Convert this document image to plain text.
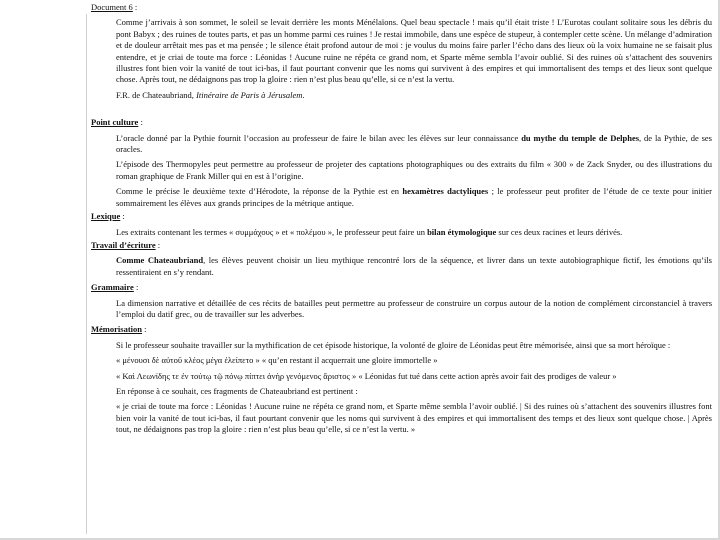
Document 6 :

Comme j’arrivais à son sommet, le soleil se levait derrière les monts Ménélaïons. Quel beau spectacle ! mais qu’il était triste ! L’Eurotas coulant solitaire sous les débris du pont Babyx ; des ruines de toutes parts, et pas un homme parmi ces ruines ! Je restai immobile, dans une espèce de stupeur, à contempler cette scène. Un mélange d’admiration et de douleur arrêtait mes pas et ma pensée ; le silence était profond autour de moi : je voulus du moins faire parler l’écho dans des lieux où la voix humaine ne se faisait plus entendre, et je criai de toute ma force : Léonidas ! Aucune ruine ne répéta ce grand nom, et Sparte même sembla l’avoir oublié. Si des ruines où s’attachent des souvenirs illustres font bien voir la vanité de tout ici-bas, il faut pourtant convenir que les noms qui survivent à des empires et qui immortalisent des temps et des lieux sont quelque chose. Après tout, ne dédaignons pas trop la gloire : rien n’est plus beau qu’elle, si ce n’est la vertu.

F.R. de Chateaubriand, Itinéraire de Paris à Jérusalem.

Point culture :

L’oracle donné par la Pythie fournit l’occasion au professeur de faire le bilan avec les élèves sur leur connaissance du mythe du temple de Delphes, de la Pythie, de ses oracles.

L’épisode des Thermopyles peut permettre au professeur de projeter des captations photographiques ou des extraits du film « 300 » de Zack Snyder, ou des illustrations du roman graphique de Frank Miller qui en est à l’origine.

Comme le précise le deuxième texte d’Hérodote, la réponse de la Pythie est en hexamètres dactyliques ; le professeur peut profiter de l’étude de ce texte pour initier sommairement les élèves aux grands principes de la métrique antique.

Lexique :

Les extraits contenant les termes « συμμάχους » et « πολέμου », le professeur peut faire un bilan étymologique sur ces deux racines et leurs dérivés.

Travail d’écriture :

Comme Chateaubriand, les élèves peuvent choisir un lieu mythique rencontré lors de la séquence, et livrer dans un texte autobiographique fictif, les émotions qu’ils ressentiraient en s’y rendant.

Grammaire :

La dimension narrative et détaillée de ces récits de batailles peut permettre au professeur de construire un corpus autour de la notion de complément circonstanciel à travers l’emploi du datif grec, ou de travailler sur les adverbes.

Mémorisation :

Si le professeur souhaite travailler sur la mythification de cet épisode historique, la volonté de gloire de Léonidas peut être mémorisée, ainsi que sa mort héroïque :

« μένουσι δὲ αὐτοῦ κλέος μέγα ἐλείπετο » « qu’en restant il acquerrait une gloire immortelle »

« Καὶ Λεωνίδης τε ἐν τούτῳ τῷ πόνῳ πίπτει ἀνὴρ γενόμενος ἄριστος » « Léonidas fut tué dans cette action après avoir fait des prodiges de valeur »

En réponse à ce souhait, ces fragments de Chateaubriand est pertinent :

« je criai de toute ma force : Léonidas ! Aucune ruine ne répéta ce grand nom, et Sparte même sembla l’avoir oublié. | Si des ruines où s’attachent des souvenirs illustres font bien voir la vanité de tout ici-bas, il faut pourtant convenir que les noms qui survivent à des empires et qui immortalisent des temps et des lieux sont quelque chose. | Après tout, ne dédaignons pas trop la gloire : rien n’est plus beau qu’elle, si ce n’est la vertu. »
